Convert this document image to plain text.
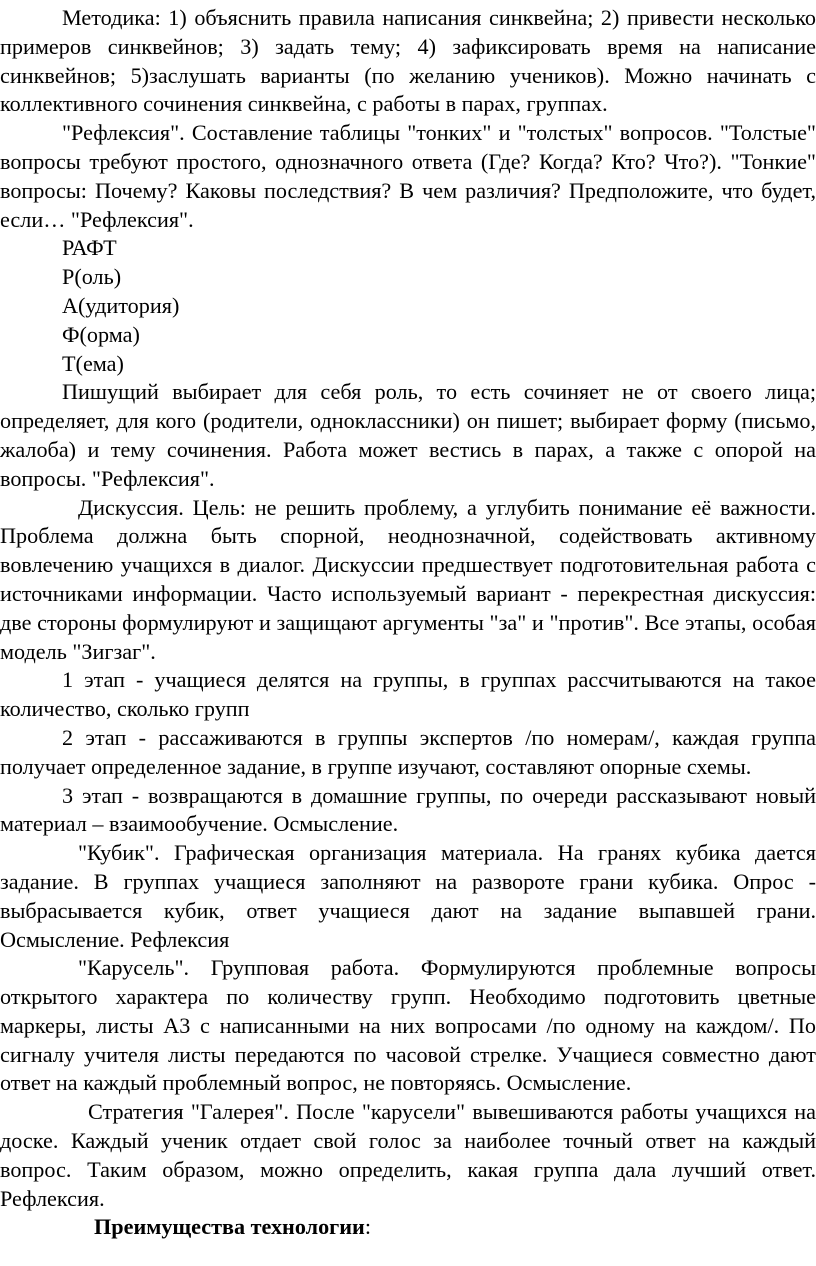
Методика: 1) объяснить правила написания синквейна; 2) привести несколько примеров синквейнов; 3) задать тему; 4) зафиксировать время на написание синквейнов; 5)заслушать варианты (по желанию учеников). Можно начинать с коллективного сочинения синквейна, с работы в парах, группах.

"Рефлексия". Составление таблицы "тонких" и "толстых" вопросов. "Толстые" вопросы требуют простого, однозначного ответа (Где? Когда? Кто? Что?). "Тонкие" вопросы: Почему? Каковы последствия? В чем различия? Предположите, что будет, если… "Рефлексия".

РАФТ

Р(оль)

А(удитория)

Ф(орма)

Т(ема)

Пишущий выбирает для себя роль, то есть сочиняет не от своего лица; определяет, для кого (родители, одноклассники) он пишет; выбирает форму (письмо, жалоба) и тему сочинения. Работа может вестись в парах, а также с опорой на вопросы. "Рефлексия".

Дискуссия. Цель: не решить проблему, а углубить понимание её важности. Проблема должна быть спорной, неоднозначной, содействовать активному вовлечению учащихся в диалог. Дискуссии предшествует подготовительная работа с источниками информации. Часто используемый вариант - перекрестная дискуссия: две стороны формулируют и защищают аргументы "за" и "против". Все этапы, особая модель "Зигзаг".

1 этап - учащиеся делятся на группы, в группах рассчитываются на такое количество, сколько групп

2 этап - рассаживаются в группы экспертов /по номерам/, каждая группа получает определенное задание, в группе изучают, составляют опорные схемы.

3 этап - возвращаются в домашние группы, по очереди рассказывают новый материал – взаимообучение. Осмысление.

"Кубик". Графическая организация материала. На гранях кубика дается задание. В группах учащиеся заполняют на развороте грани кубика. Опрос - выбрасывается кубик, ответ учащиеся дают на задание выпавшей грани. Осмысление. Рефлексия

"Карусель". Групповая работа. Формулируются проблемные вопросы открытого характера по количеству групп. Необходимо подготовить цветные маркеры, листы А3 с написанными на них вопросами /по одному на каждом/. По сигналу учителя листы передаются по часовой стрелке. Учащиеся совместно дают ответ на каждый проблемный вопрос, не повторяясь. Осмысление.

Стратегия "Галерея". После "карусели" вывешиваются работы учащихся на доске. Каждый ученик отдает свой голос за наиболее точный ответ на каждый вопрос. Таким образом, можно определить, какая группа дала лучший ответ. Рефлексия.

Преимущества технологии:
